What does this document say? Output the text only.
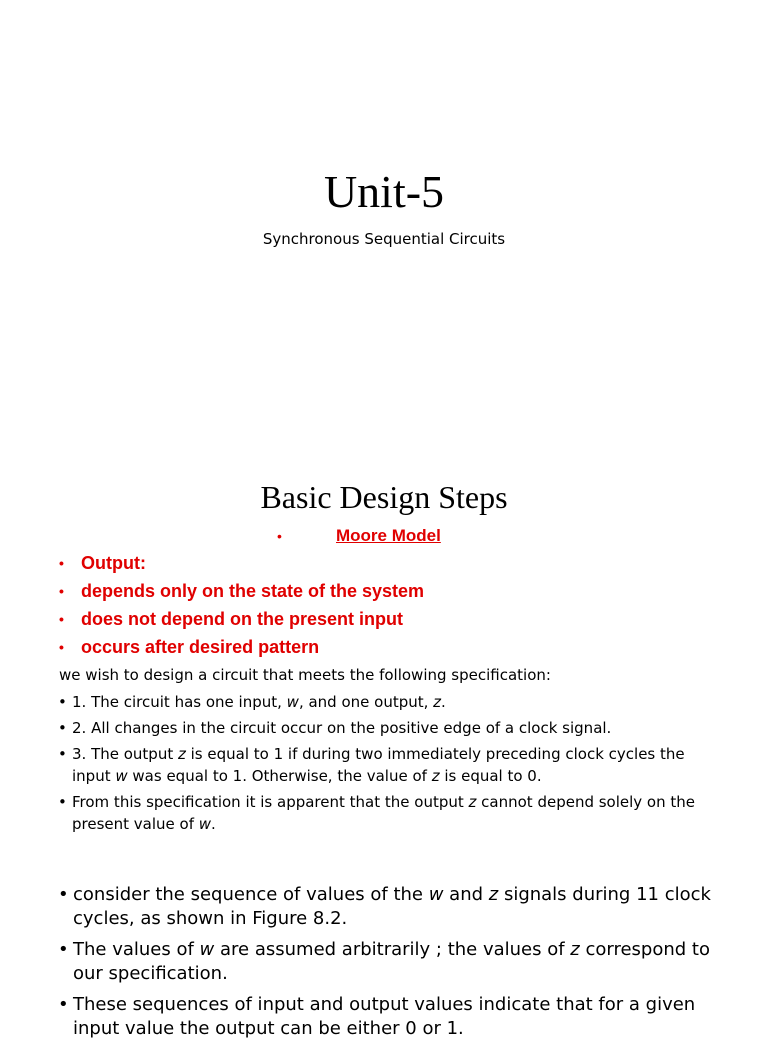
Unit-5
Synchronous Sequential Circuits
Basic Design Steps
•	Moore Model
• Output:
• depends only on the state of the system
• does not depend on the present input
• occurs after desired pattern
we wish to design a circuit that meets the following specification:
• 1. The circuit has one input, w, and one output, z.
• 2. All changes in the circuit occur on the positive edge of a clock signal.
• 3. The output z is equal to 1 if during two immediately preceding clock cycles the input w was equal to 1. Otherwise, the value of z is equal to 0.
• From this specification it is apparent that the output z cannot depend solely on the present value of w.
• consider the sequence of values of the w and z signals during 11 clock cycles, as shown in Figure 8.2.
• The values of w are assumed arbitrarily ; the values of z correspond to our specification.
• These sequences of input and output values indicate that for a given input value the output can be either 0 or 1.
